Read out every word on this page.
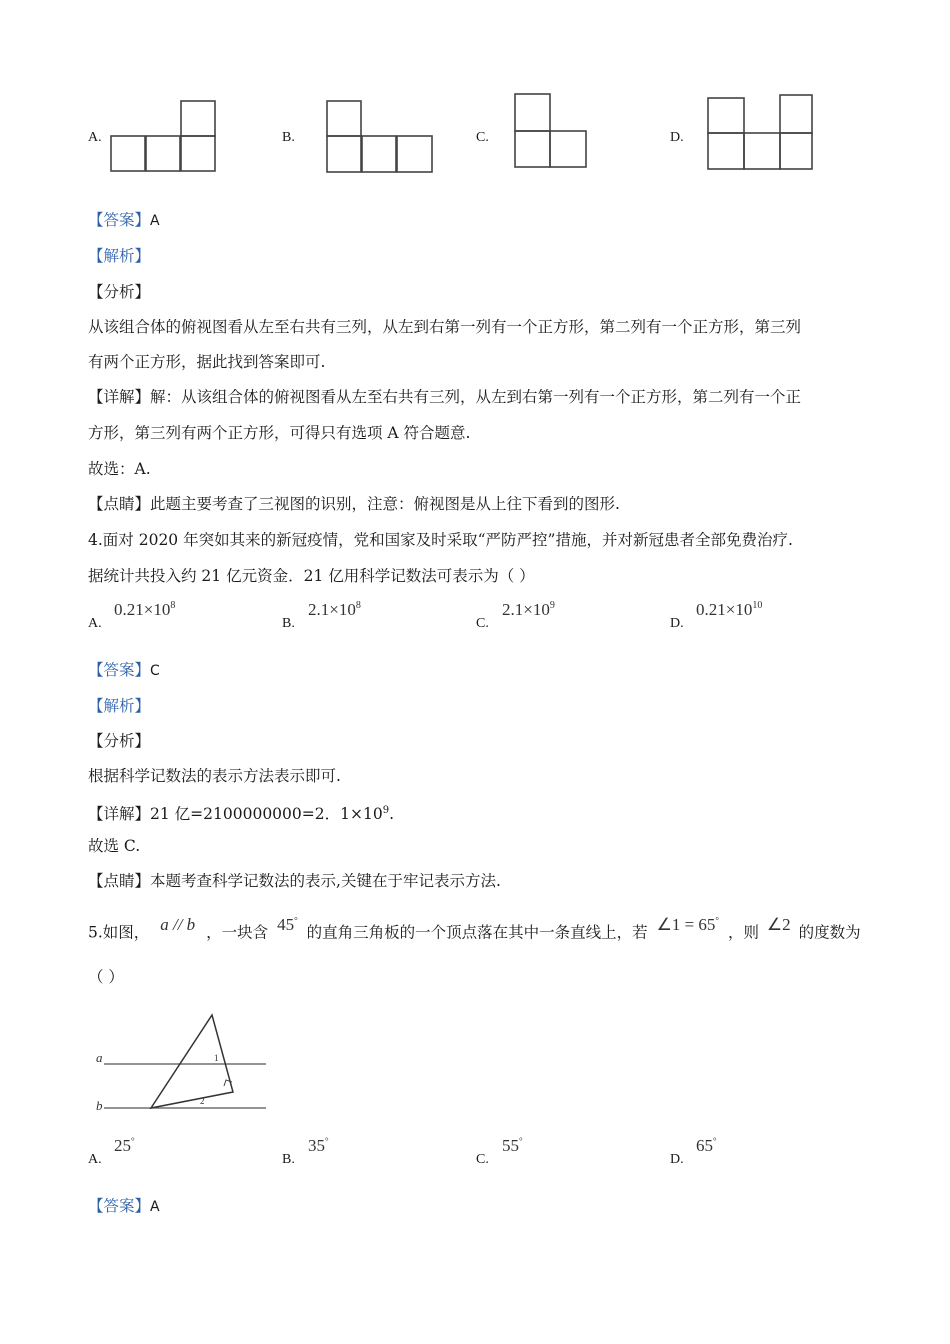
A.	B.	C.	D.
【答案】A
【解析】
【分析】
从该组合体的俯视图看从左至右共有三列，从左到右第一列有一个正方形，第二列有一个正方形，第三列
有两个正方形，据此找到答案即可.
【详解】解：从该组合体的俯视图看从左至右共有三列，从左到右第一列有一个正方形，第二列有一个正
方形，第三列有两个正方形，可得只有选项 A 符合题意.
故选：A.
【点睛】此题主要考查了三视图的识别，注意：俯视图是从上往下看到的图形.
4.面对 2020 年突如其来的新冠疫情，党和国家及时采取“严防严控”措施，并对新冠患者全部免费治疗.
据统计共投入约 21 亿元资金．21 亿用科学记数法可表示为（ ）
A.
$0.21\times 10^8$
B.
$2.1\times 10^8$
C.
$2.1\times 10^9$
D.
$0.21\times 10^{10}$
【答案】C
【解析】
【分析】
根据科学记数法的表示方法表示即可.
【详解】21 亿=2100000000=2．$1\times 10^9$.
故选 C.
【点睛】本题考查科学记数法的表示,关键在于牢记表示方法.
5.如图， a // b ，一块含 45° 的直角三角板的一个顶点落在其中一条直线上，若 ∠1 = 65° ，则 ∠2 的度数为
（ ）
a
b
1
2
A.
25°
B.
35°
C.
55°
D.
65°
【答案】A
